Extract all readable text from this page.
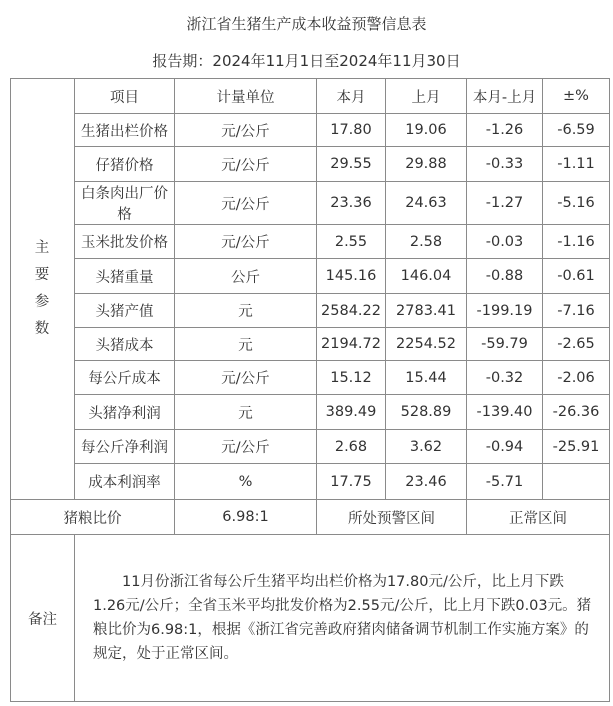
浙江省生猪生产成本收益预警信息表
报告期：2024年11月1日至2024年11月30日
主
要
参
数	项目	计量单位	本月	上月	本月-上月	±%
	生猪出栏价格	元/公斤	17.80	19.06	-1.26	-6.59
	仔猪价格	元/公斤	29.55	29.88	-0.33	-1.11
	白条肉出厂价格	元/公斤	23.36	24.63	-1.27	-5.16
	玉米批发价格	元/公斤	2.55	2.58	-0.03	-1.16
	头猪重量	公斤	145.16	146.04	-0.88	-0.61
	头猪产值	元	2584.22	2783.41	-199.19	-7.16
	头猪成本	元	2194.72	2254.52	-59.79	-2.65
	每公斤成本	元/公斤	15.12	15.44	-0.32	-2.06
	头猪净利润	元	389.49	528.89	-139.40	-26.36
	每公斤净利润	元/公斤	2.68	3.62	-0.94	-25.91
	成本利润率	%	17.75	23.46	-5.71	
猪粮比价		6.98:1	所处预警区间		正常区间	
备注	11月份浙江省每公斤生猪平均出栏价格为17.80元/公斤，比上月下跌1.26元/公斤；全省玉米平均批发价格为2.55元/公斤，比上月下跌0.03元。猪粮比价为6.98:1，根据《浙江省完善政府猪肉储备调节机制工作实施方案》的规定，处于正常区间。					
